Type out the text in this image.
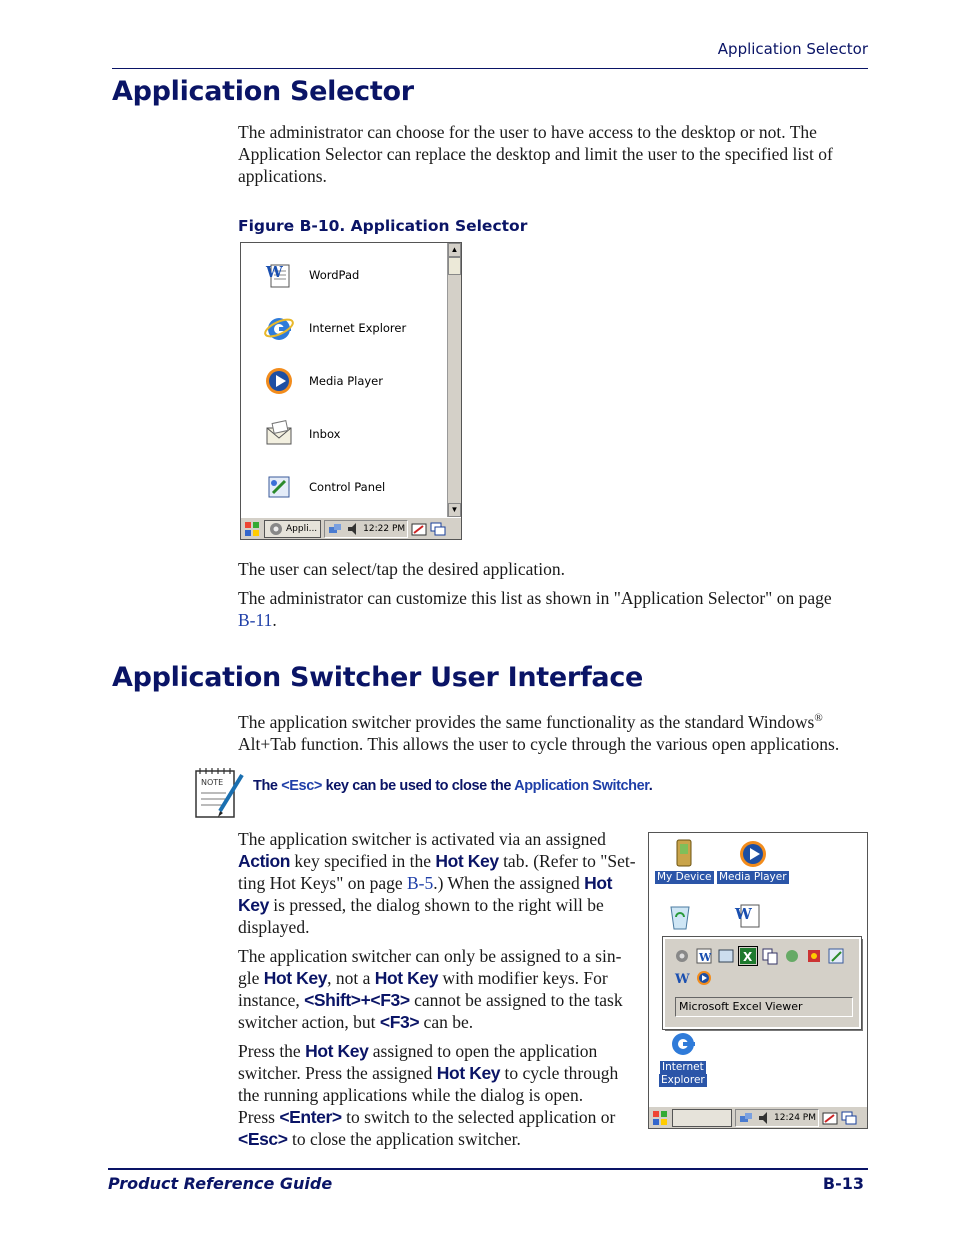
Application Selector
Application Selector

The administrator can choose for the user to have access to the desktop or not. The Application Selector can replace the desktop and limit the user to the specified list of applications.

Figure B-10. Application Selector
W WordPad
Internet Explorer
Media Player
Inbox
Control Panel
▲
▼
Appli...	12:22 PM

The user can select/tap the desired application.

The administrator can customize this list as shown in "Application Selector" on page B-11.

Application Switcher User Interface

The application switcher provides the same functionality as the standard Windows®
Alt+Tab function. This allows the user to cycle through the various open applications.

NOTE The <Esc> key can be used to close the Application Switcher.
The application switcher is activated via an assigned
Action key specified in the Hot Key tab. (Refer to "Set-
ting Hot Keys" on page B-5.) When the assigned Hot
Key is pressed, the dialog shown to the right will be
displayed.
The application switcher can only be assigned to a sin-
gle Hot Key, not a Hot Key with modifier keys. For
instance, <Shift>+<F3> cannot be assigned to the task
switcher action, but <F3> can be.
Press the Hot Key assigned to open the application
switcher. Press the assigned Hot Key to cycle through
the running applications while the dialog is open.
Press <Enter> to switch to the selected application or
<Esc> to close the application switcher.
My Device Media Player
W
W	X
W
Microsoft Excel Viewer
Internet
Explorer
12:24 PM
Product Reference Guide	B-13
